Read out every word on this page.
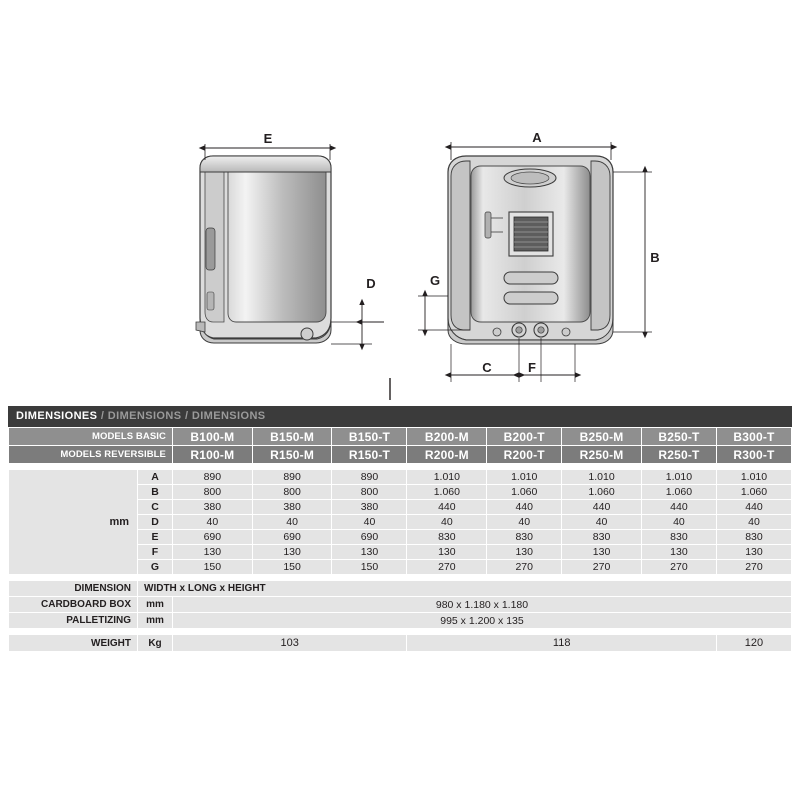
E
D
A
B
G
C	F
DIMENSIONES / DIMENSIONS / DIMENSIONS
MODELS BASIC		B100-M	B150-M	B150-T	B200-M	B200-T	B250-M	B250-T	B300-T
MODELS REVERSIBLE		R100-M	R150-M	R150-T	R200-M	R200-T	R250-M	R250-T	R300-T

mm	A	890	890	890	1.010	1.010	1.010	1.010	1.010
	B	800	800	800	1.060	1.060	1.060	1.060	1.060
	C	380	380	380	440	440	440	440	440
	D	40	40	40	40	40	40	40	40
	E	690	690	690	830	830	830	830	830
	F	130	130	130	130	130	130	130	130
	G	150	150	150	270	270	270	270	270

DIMENSION	WIDTH x LONG x HEIGHT								
CARDBOARD BOX	mm	980 x 1.180 x 1.180							
PALLETIZING	mm	995 x 1.200 x 135							

WEIGHT	Kg	103			118				120
